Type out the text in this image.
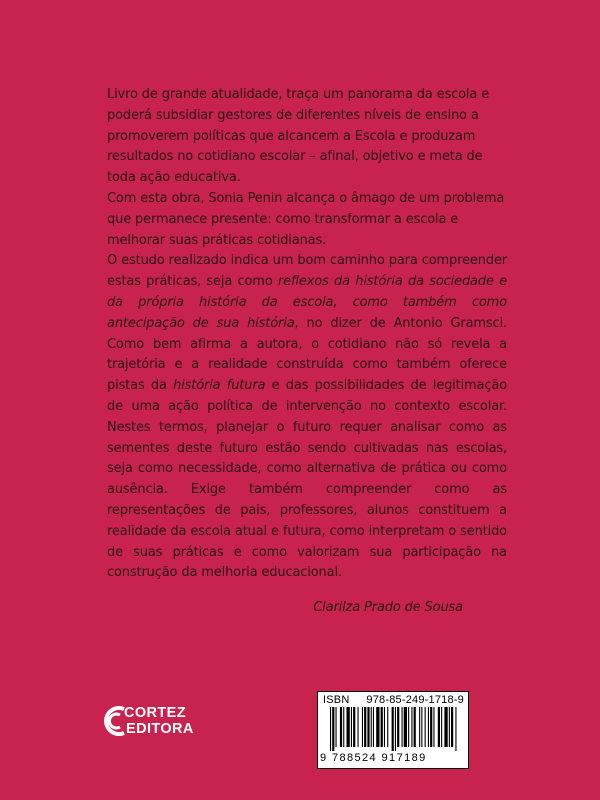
Livro de grande atualidade, traça um panorama da escola e poderá subsidiar gestores de diferentes níveis de ensino a promoverem políticas que alcancem a Escola e produzam resultados no cotidiano escolar – afinal, objetivo e meta de toda ação educativa.

Com esta obra, Sonia Penin alcança o âmago de um problema que permanece presente: como transformar a escola e melhorar suas práticas cotidianas.

O estudo realizado indica um bom caminho para compreender estas práticas, seja como reflexos da história da sociedade e da própria história da escola, como também como antecipação de sua história, no dizer de Antonio Gramsci. Como bem afirma a autora, o cotidiano não só revela a trajetória e a realidade construída como também oferece pistas da história futura e das possibilidades de legitimação de uma ação política de intervenção no contexto escolar. Nestes termos, planejar o futuro requer analisar como as sementes deste futuro estão sendo cultivadas nas escolas, seja como necessidade, como alternativa de prática ou como ausência. Exige também compreender como as representações de pais, professores, alunos constituem a realidade da escola atual e futura, como interpretam o sentido de suas práticas e como valorizam sua participação na construção da melhoria educacional.

Clarilza Prado de Sousa
CORTEZ
EDITORA
ISBN 978-85-249-1718-9
9 788524 917189
